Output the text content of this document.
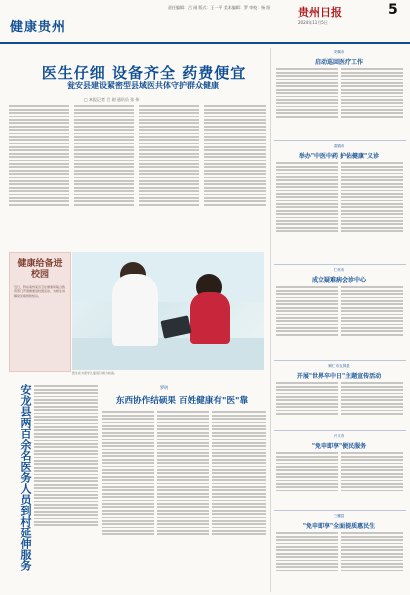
健康贵州
责任编辑：吕 刚 版式：王一平 美术编辑：罗 审校：杨 阳	贵州日报
2024年11月5日
5
医生仔细 设备齐全 药费便宜
瓮安县建设紧密型县域医共体守护群众健康
□ 本报记者 吕 刚 通讯员 张 伟
健康给备进校园
近日，黔东南州某县卫生健康局联合教育部门开展健康进校园活动，为师生讲解常见病预防知识。
医生在为留守儿童进行视力检查。
安龙县两百余名医务人员到村延伸服务	罗明
东西协作结硕果 百姓健康有"医"靠
安顺市
启动巡回医疗工作
清镇市
举办"中医中药 护佑健康"义诊
仁怀市
成立疑难病会诊中心
铜仁市玉屏县
开展"世界卒中日"主题宣传活动
兴义市
"免申即享"便民服务
三穗县
"免申即享"全面提质惠民生
